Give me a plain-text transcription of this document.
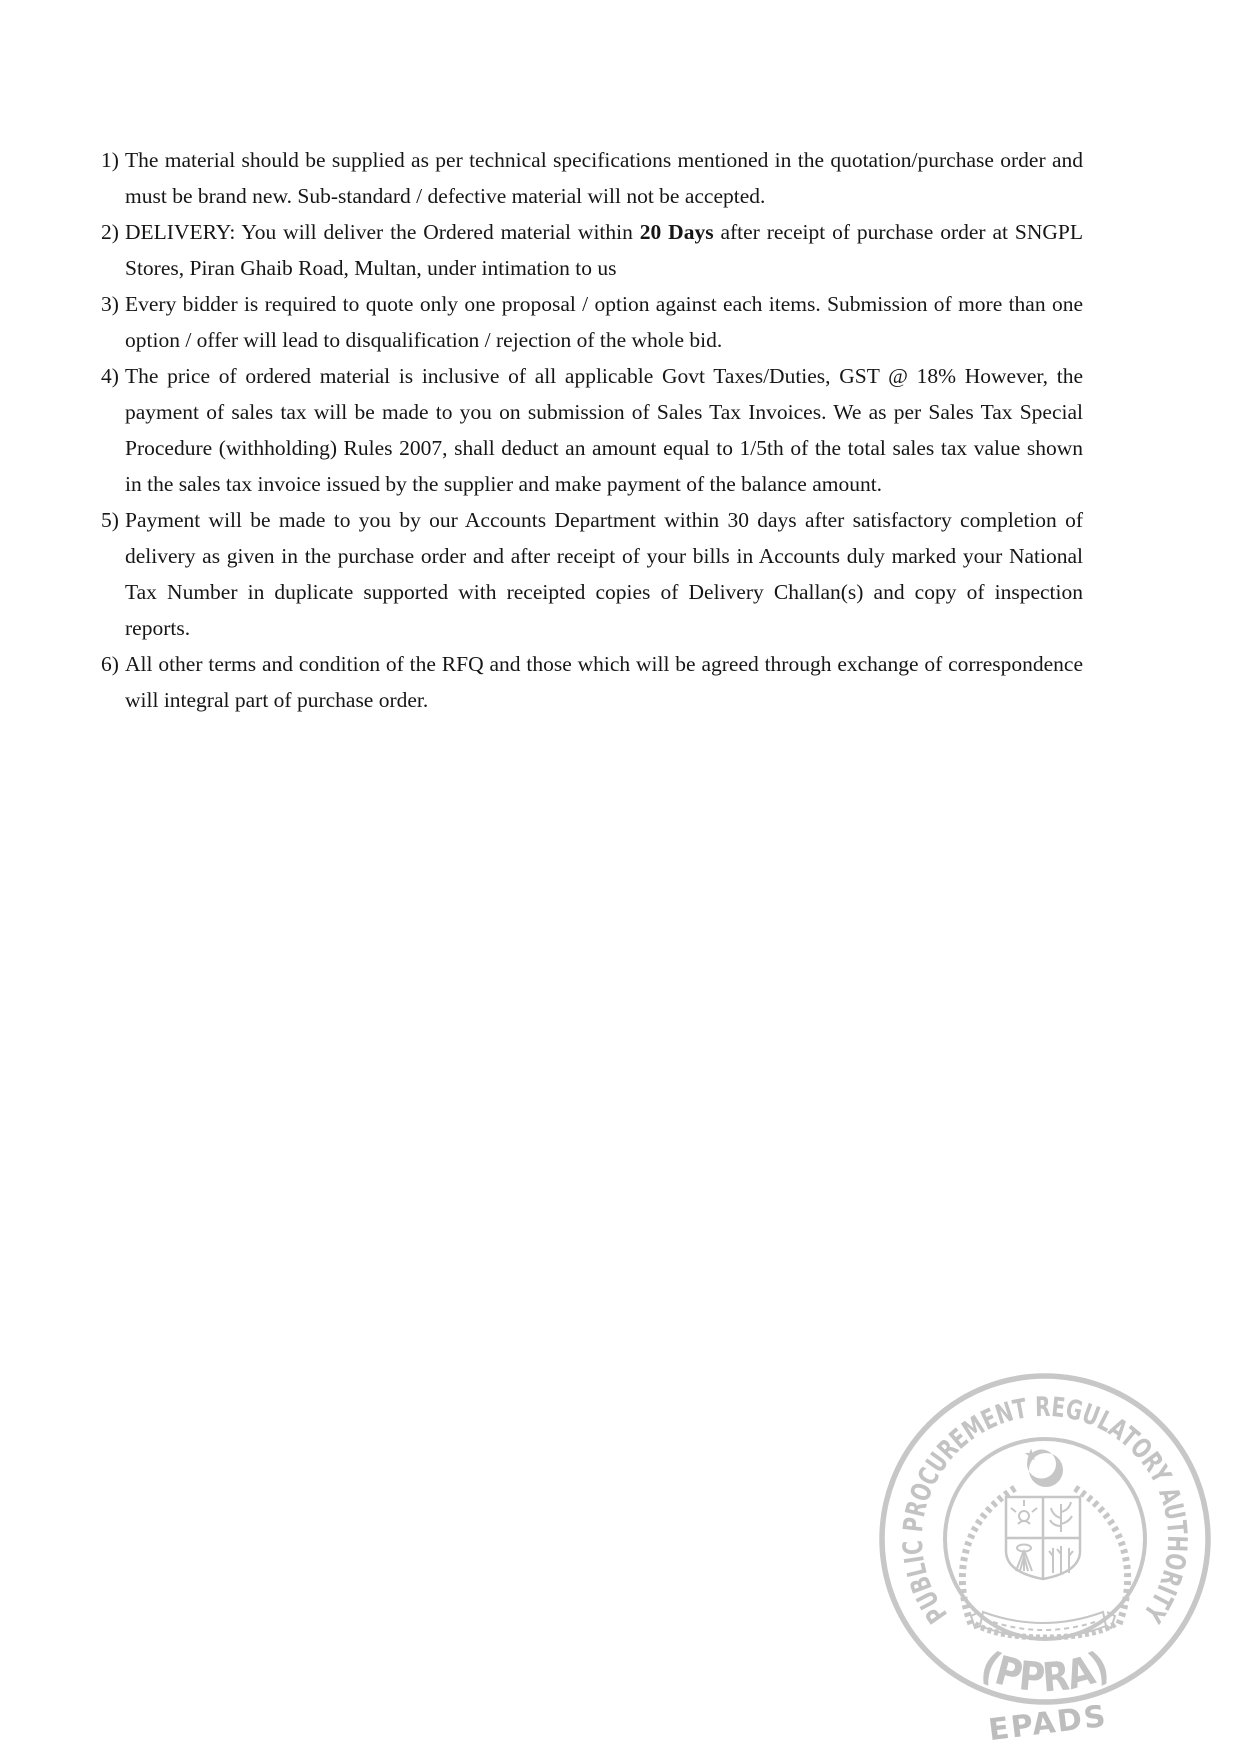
1) The material should be supplied as per technical specifications mentioned in the quotation/purchase order and must be brand new. Sub-standard / defective material will not be accepted.
2) DELIVERY: You will deliver the Ordered material within 20 Days after receipt of purchase order at SNGPL Stores, Piran Ghaib Road, Multan, under intimation to us
3) Every bidder is required to quote only one proposal / option against each items. Submission of more than one option / offer will lead to disqualification / rejection of the whole bid.
4) The price of ordered material is inclusive of all applicable Govt Taxes/Duties, GST @ 18% However, the payment of sales tax will be made to you on submission of Sales Tax Invoices. We as per Sales Tax Special Procedure (withholding) Rules 2007, shall deduct an amount equal to 1/5th of the total sales tax value shown in the sales tax invoice issued by the supplier and make payment of the balance amount.
5) Payment will be made to you by our Accounts Department within 30 days after satisfactory completion of delivery as given in the purchase order and after receipt of your bills in Accounts duly marked your National Tax Number in duplicate supported with receipted copies of Delivery Challan(s) and copy of inspection reports.
6) All other terms and condition of the RFQ and those which will be agreed through exchange of correspondence will integral part of purchase order.
PUBLIC PROCUREMENT REGULATORY AUTHORITY
(PPRA)
EPADS
